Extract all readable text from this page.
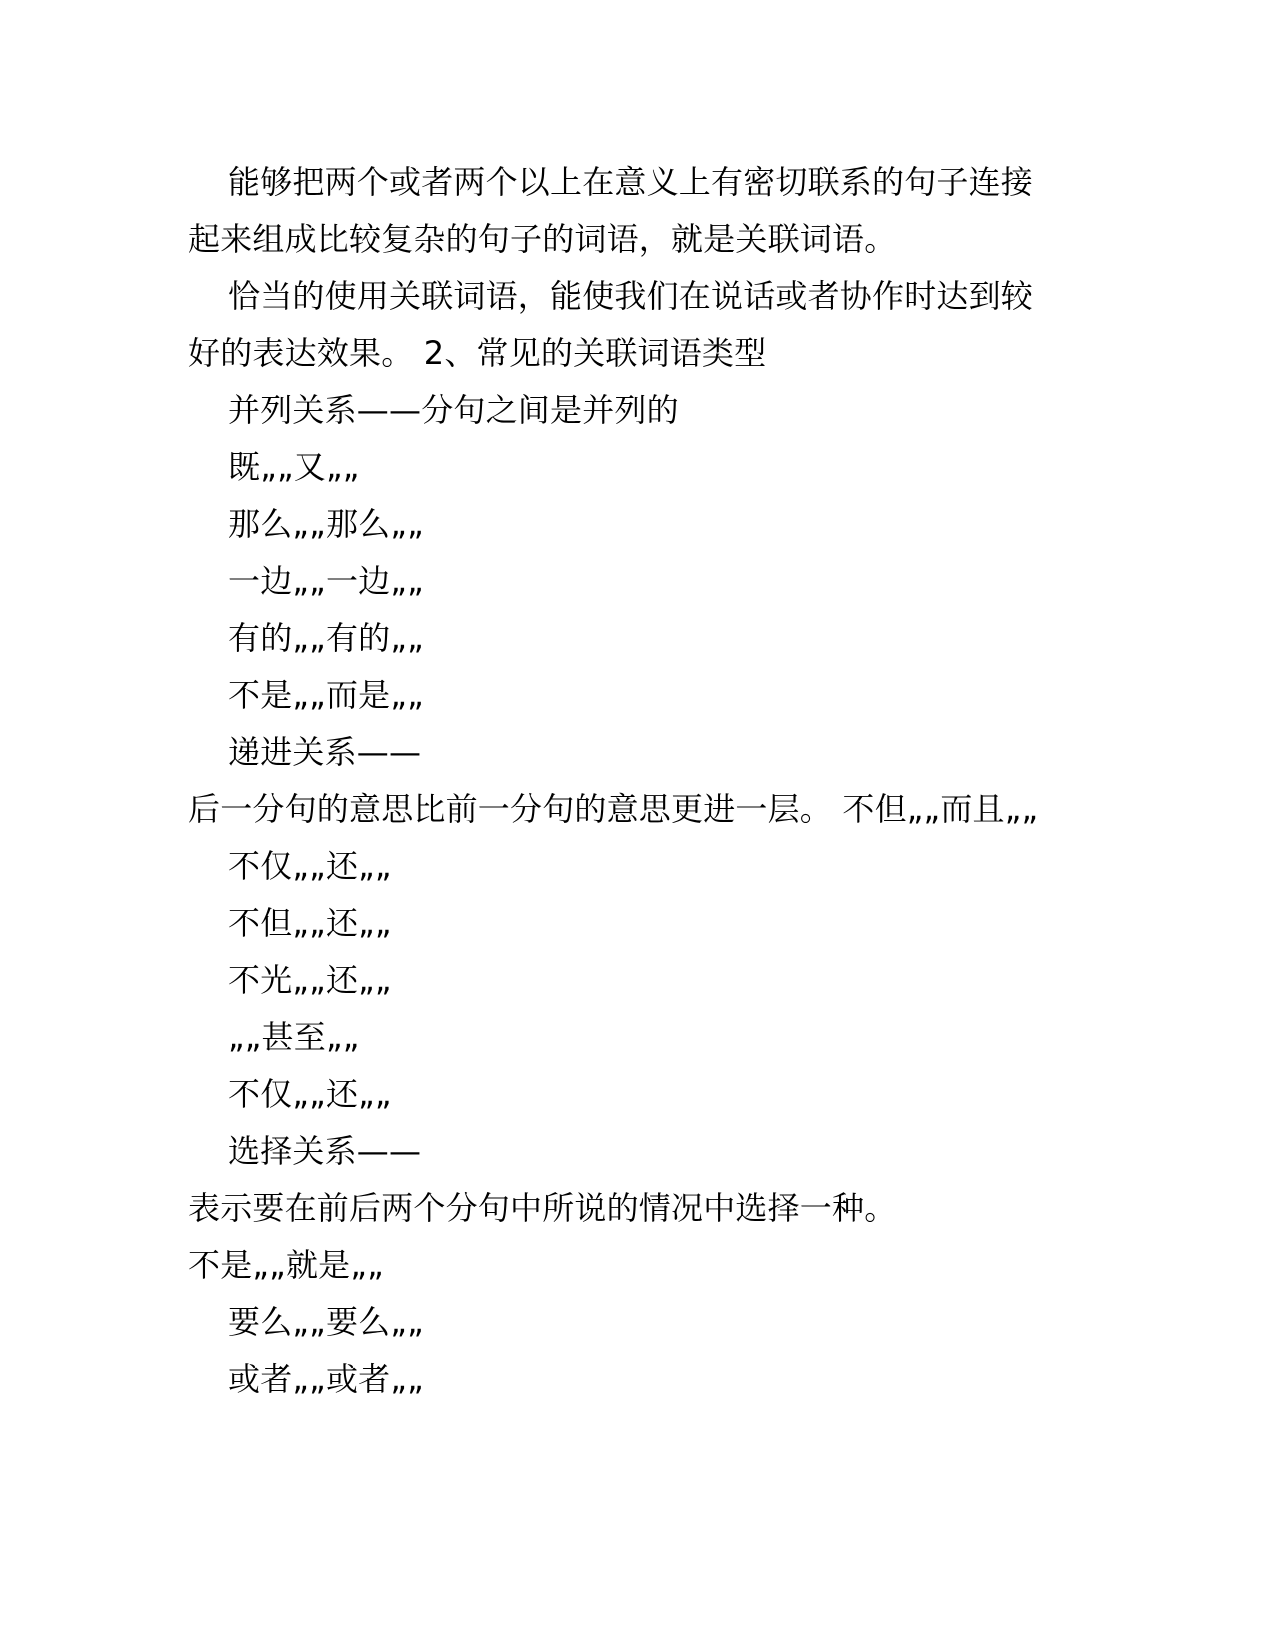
能够把两个或者两个以上在意义上有密切联系的句子连接
起来组成比较复杂的句子的词语，就是关联词语。
恰当的使用关联词语，能使我们在说话或者协作时达到较
好的表达效果。 2、常见的关联词语类型
并列关系——分句之间是并列的
既„„又„„
那么„„那么„„
一边„„一边„„
有的„„有的„„
不是„„而是„„
递进关系——
后一分句的意思比前一分句的意思更进一层。 不但„„而且„„
不仅„„还„„
不但„„还„„
不光„„还„„
„„甚至„„
不仅„„还„„
选择关系——
表示要在前后两个分句中所说的情况中选择一种。
不是„„就是„„
要么„„要么„„
或者„„或者„„
